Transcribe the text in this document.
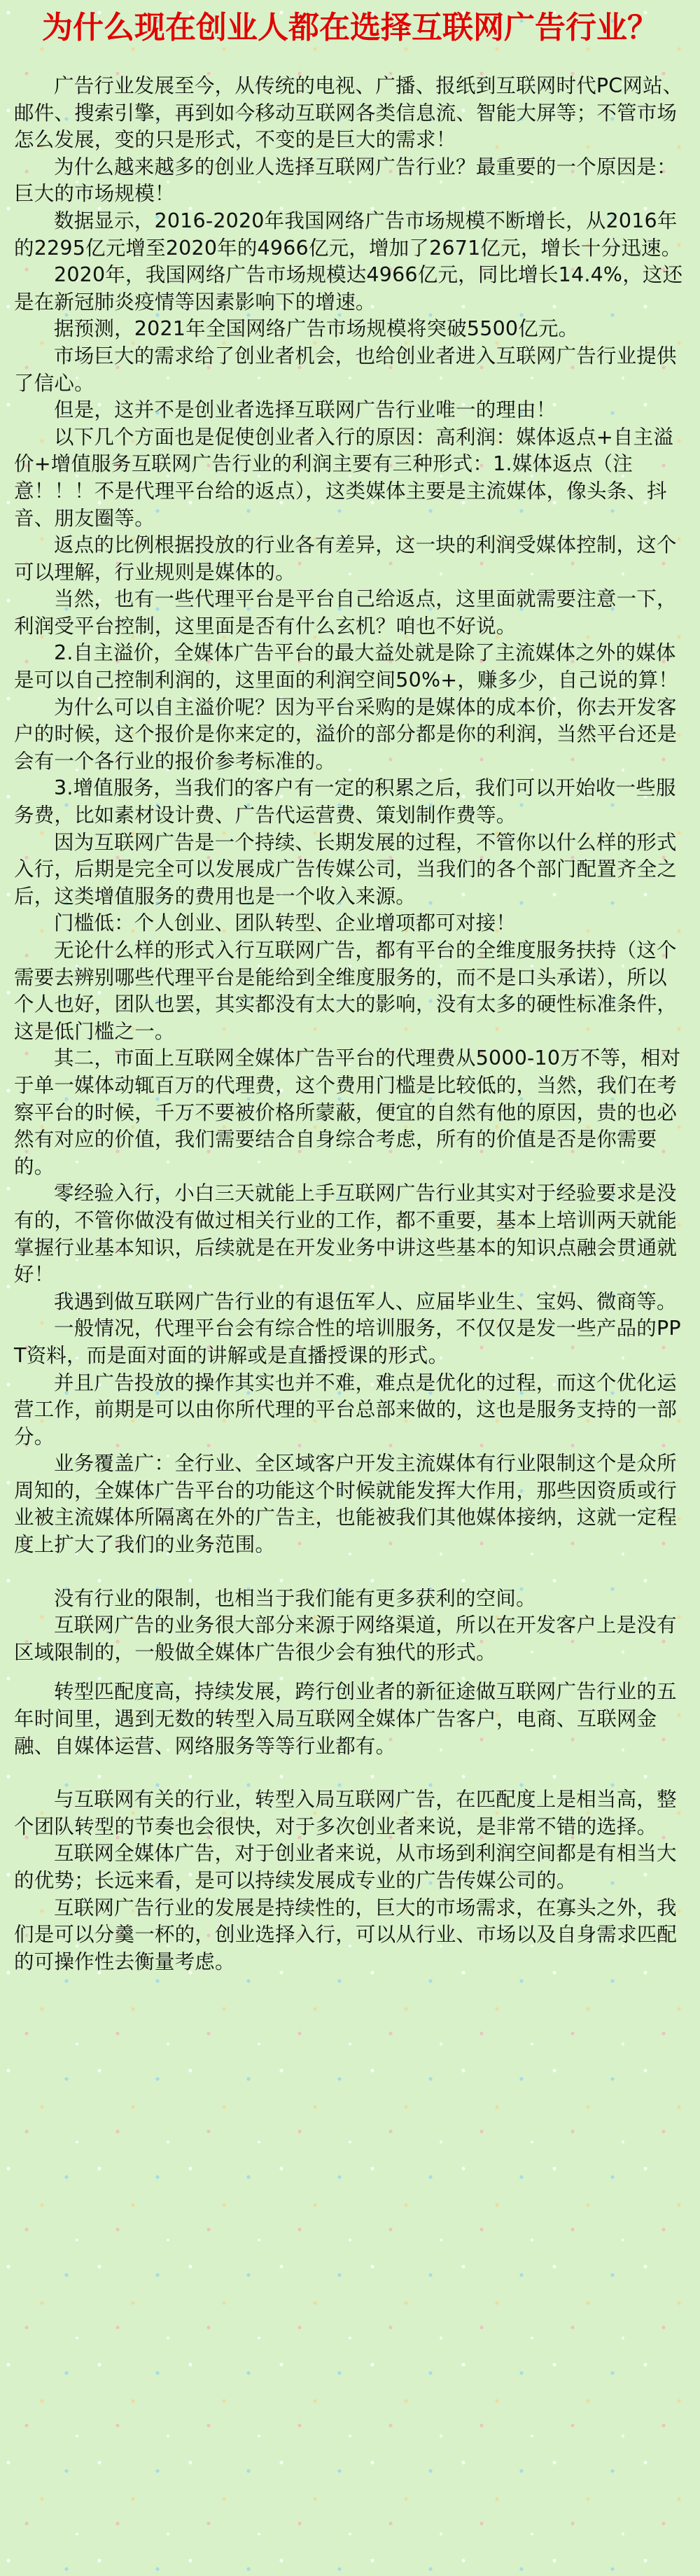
为什么现在创业人都在选择互联网广告行业？

广告行业发展至今，从传统的电视、广播、报纸到互联网时代PC网站、邮件、搜索引擎，再到如今移动互联网各类信息流、智能大屏等；不管市场怎么发展，变的只是形式，不变的是巨大的需求！

为什么越来越多的创业人选择互联网广告行业？最重要的一个原因是：巨大的市场规模！

数据显示，2016-2020年我国网络广告市场规模不断增长，从2016年的2295亿元增至2020年的4966亿元，增加了2671亿元，增长十分迅速。

2020年，我国网络广告市场规模达4966亿元，同比增长14.4%，这还是在新冠肺炎疫情等因素影响下的增速。

据预测，2021年全国网络广告市场规模将突破5500亿元。

市场巨大的需求给了创业者机会，也给创业者进入互联网广告行业提供了信心。

但是，这并不是创业者选择互联网广告行业唯一的理由！

以下几个方面也是促使创业者入行的原因：高利润：媒体返点+自主溢价+增值服务互联网广告行业的利润主要有三种形式：1.媒体返点（注意！！！不是代理平台给的返点），这类媒体主要是主流媒体，像头条、抖音、朋友圈等。

返点的比例根据投放的行业各有差异，这一块的利润受媒体控制，这个可以理解，行业规则是媒体的。

当然，也有一些代理平台是平台自己给返点，这里面就需要注意一下，利润受平台控制，这里面是否有什么玄机？咱也不好说。

2.自主溢价，全媒体广告平台的最大益处就是除了主流媒体之外的媒体是可以自己控制利润的，这里面的利润空间50%+，赚多少，自己说的算！

为什么可以自主溢价呢？因为平台采购的是媒体的成本价，你去开发客户的时候，这个报价是你来定的，溢价的部分都是你的利润，当然平台还是会有一个各行业的报价参考标准的。

3.增值服务，当我们的客户有一定的积累之后，我们可以开始收一些服务费，比如素材设计费、广告代运营费、策划制作费等。

因为互联网广告是一个持续、长期发展的过程，不管你以什么样的形式入行，后期是完全可以发展成广告传媒公司，当我们的各个部门配置齐全之后，这类增值服务的费用也是一个收入来源。

门槛低：个人创业、团队转型、企业增项都可对接！

无论什么样的形式入行互联网广告，都有平台的全维度服务扶持（这个需要去辨别哪些代理平台是能给到全维度服务的，而不是口头承诺），所以个人也好，团队也罢，其实都没有太大的影响，没有太多的硬性标准条件，这是低门槛之一。

其二，市面上互联网全媒体广告平台的代理费从5000-10万不等，相对于单一媒体动辄百万的代理费，这个费用门槛是比较低的，当然，我们在考察平台的时候，千万不要被价格所蒙蔽，便宜的自然有他的原因，贵的也必然有对应的价值，我们需要结合自身综合考虑，所有的价值是否是你需要的。

零经验入行，小白三天就能上手互联网广告行业其实对于经验要求是没有的，不管你做没有做过相关行业的工作，都不重要，基本上培训两天就能掌握行业基本知识，后续就是在开发业务中讲这些基本的知识点融会贯通就好！

我遇到做互联网广告行业的有退伍军人、应届毕业生、宝妈、微商等。

一般情况，代理平台会有综合性的培训服务，不仅仅是发一些产品的PPT资料，而是面对面的讲解或是直播授课的形式。

并且广告投放的操作其实也并不难，难点是优化的过程，而这个优化运营工作，前期是可以由你所代理的平台总部来做的，这也是服务支持的一部分。

业务覆盖广：全行业、全区域客户开发主流媒体有行业限制这个是众所周知的，全媒体广告平台的功能这个时候就能发挥大作用，那些因资质或行业被主流媒体所隔离在外的广告主，也能被我们其他媒体接纳，这就一定程度上扩大了我们的业务范围。

没有行业的限制，也相当于我们能有更多获利的空间。

互联网广告的业务很大部分来源于网络渠道，所以在开发客户上是没有区域限制的，一般做全媒体广告很少会有独代的形式。

转型匹配度高，持续发展，跨行创业者的新征途做互联网广告行业的五年时间里，遇到无数的转型入局互联网全媒体广告客户，电商、互联网金融、自媒体运营、网络服务等等行业都有。

与互联网有关的行业，转型入局互联网广告，在匹配度上是相当高，整个团队转型的节奏也会很快，对于多次创业者来说，是非常不错的选择。

互联网全媒体广告，对于创业者来说，从市场到利润空间都是有相当大的优势；长远来看，是可以持续发展成专业的广告传媒公司的。

互联网广告行业的发展是持续性的，巨大的市场需求，在寡头之外，我们是可以分羹一杯的，创业选择入行，可以从行业、市场以及自身需求匹配的可操作性去衡量考虑。
